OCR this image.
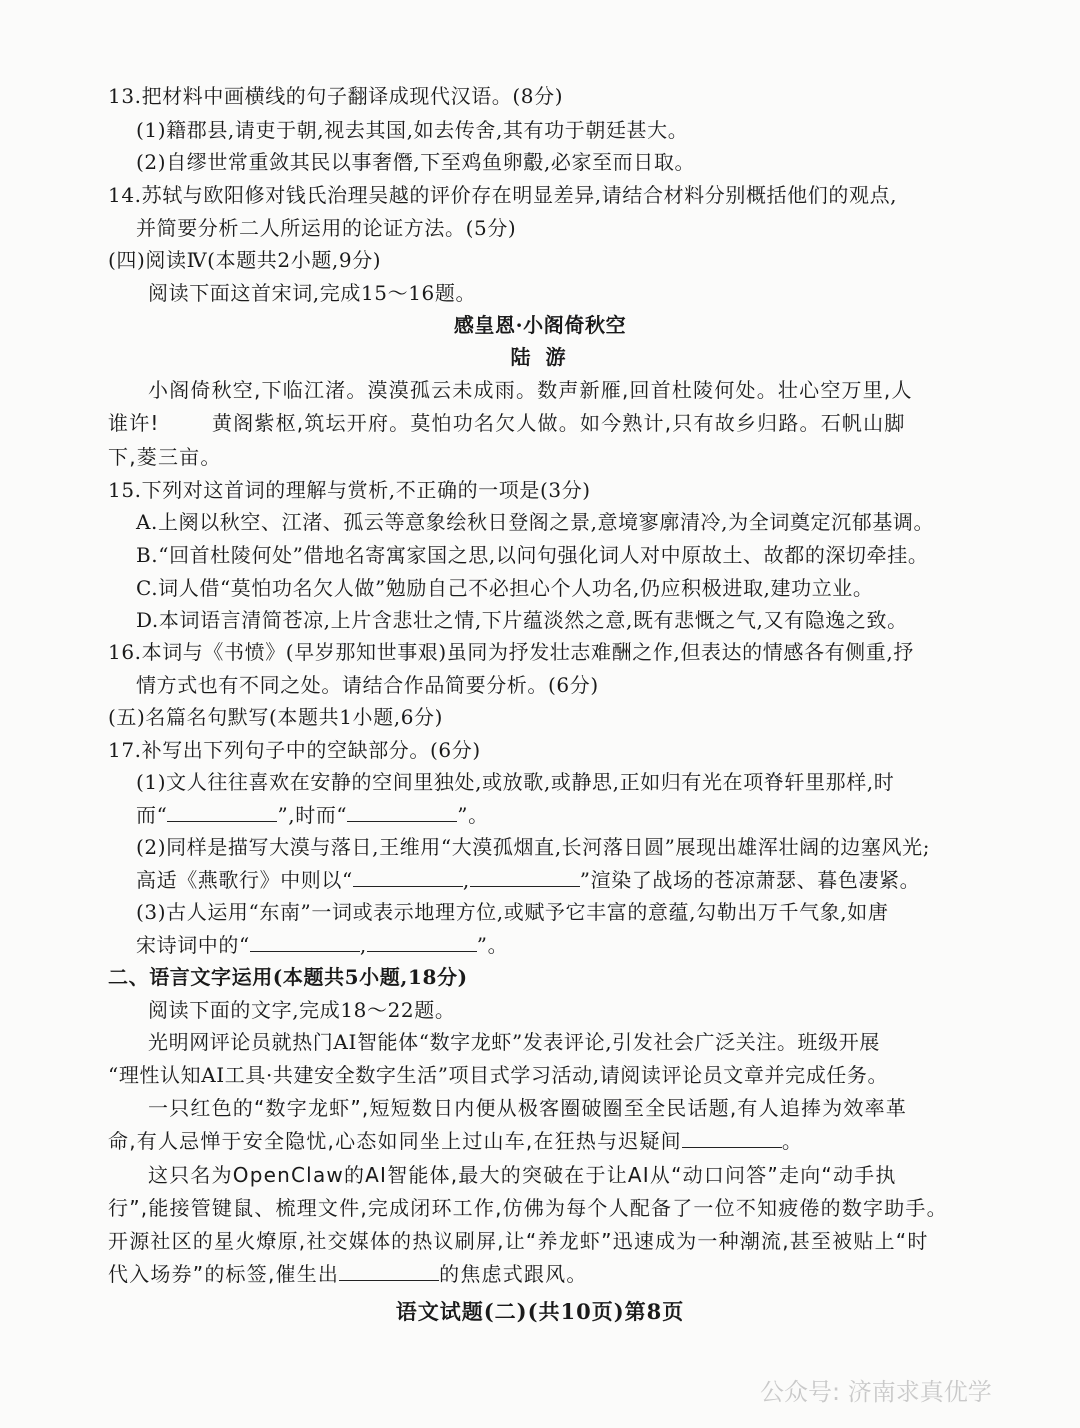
13.把材料中画横线的句子翻译成现代汉语。(8分)
(1)籍郡县,请吏于朝,视去其国,如去传舍,其有功于朝廷甚大。
(2)自缪世常重敛其民以事奢僭,下至鸡鱼卵鷇,必家至而日取。
14.苏轼与欧阳修对钱氏治理吴越的评价存在明显差异,请结合材料分别概括他们的观点,
并简要分析二人所运用的论证方法。(5分)
(四)阅读Ⅳ(本题共2小题,9分)
阅读下面这首宋词,完成15～16题。
感皇恩·小阁倚秋空
陆 游
小阁倚秋空,下临江渚。漠漠孤云未成雨。数声新雁,回首杜陵何处。壮心空万里,人
谁许!	黄阁紫枢,筑坛开府。莫怕功名欠人做。如今熟计,只有故乡归路。石帆山脚
下,菱三亩。
15.下列对这首词的理解与赏析,不正确的一项是(3分)
A.上阕以秋空、江渚、孤云等意象绘秋日登阁之景,意境寥廓清冷,为全词奠定沉郁基调。
B.“回首杜陵何处”借地名寄寓家国之思,以问句强化词人对中原故土、故都的深切牵挂。
C.词人借“莫怕功名欠人做”勉励自己不必担心个人功名,仍应积极进取,建功立业。
D.本词语言清简苍凉,上片含悲壮之情,下片蕴淡然之意,既有悲慨之气,又有隐逸之致。
16.本词与《书愤》(早岁那知世事艰)虽同为抒发壮志难酬之作,但表达的情感各有侧重,抒
情方式也有不同之处。请结合作品简要分析。(6分)
(五)名篇名句默写(本题共1小题,6分)
17.补写出下列句子中的空缺部分。(6分)
(1)文人往往喜欢在安静的空间里独处,或放歌,或静思,正如归有光在项脊轩里那样,时
而“	”,时而“	”。
(2)同样是描写大漠与落日,王维用“大漠孤烟直,长河落日圆”展现出雄浑壮阔的边塞风光;
高适《燕歌行》中则以“	,	”渲染了战场的苍凉萧瑟、暮色凄紧。
(3)古人运用“东南”一词或表示地理方位,或赋予它丰富的意蕴,勾勒出万千气象,如唐
宋诗词中的“	,	”。
二、语言文字运用(本题共5小题,18分)
阅读下面的文字,完成18～22题。
光明网评论员就热门AI智能体“数字龙虾”发表评论,引发社会广泛关注。班级开展
“理性认知AI工具·共建安全数字生活”项目式学习活动,请阅读评论员文章并完成任务。
一只红色的“数字龙虾”,短短数日内便从极客圈破圈至全民话题,有人追捧为效率革
命,有人忌惮于安全隐忧,心态如同坐上过山车,在狂热与迟疑间	。
这只名为OpenClaw的AI智能体,最大的突破在于让AI从“动口问答”走向“动手执
行”,能接管键鼠、梳理文件,完成闭环工作,仿佛为每个人配备了一位不知疲倦的数字助手。
开源社区的星火燎原,社交媒体的热议刷屏,让“养龙虾”迅速成为一种潮流,甚至被贴上“时
代入场券”的标签,催生出	的焦虑式跟风。
语文试题(二)(共10页)第8页
公众号: 济南求真优学
